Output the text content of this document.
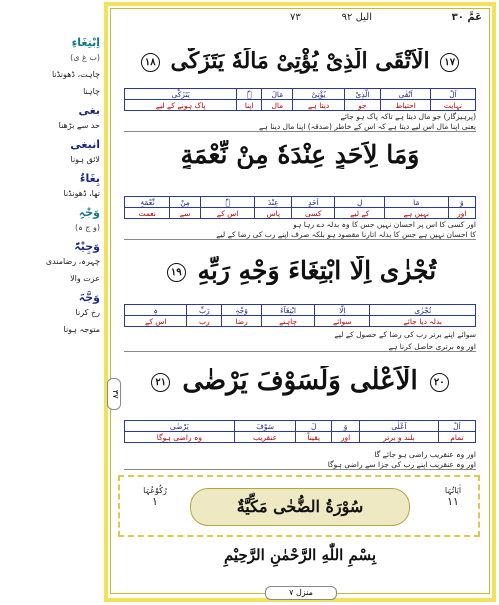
اِبْتِغَاءِ
(ب غ ی)
چاہت، ڈھونڈنا
چاہنا
بغی
حد سے بڑھنا
انبغی
لائق ہونا
بِغَاءٌ
تھا، ڈھونڈنا
وَجْہِ
(و ج ہ)
وَجِیْہٌ
چہرہ، رضامندی
عزت والا
وَجَّہَ
رخ کرنا
متوجہ ہونا
عَمَّ ٣٠
٧٣	الیل ٩٢
١٧ الْاَتْقَى الَّذِىْ يُؤْتِىْ مَالَهٗ يَتَزَكّٰى ١٨
اَلْ	اَتْقٰی	الَّذِیْ	یُؤْتِیْ	مَالَ	ہٗ	یَتَزَکّٰی
نہایت	احتیاط	جو	دیتا ہے	مال	اپنا	پاک ہونے کے لیے
(پرہیزگار) جو مال دیتا ہے تاکہ پاک ہو جائے
یعنی اپنا مال اس لیے دیتا ہے کہ اس کے خاطر (صدقہ) اپنا مال دینا ہے
وَمَا لِاَحَدٍ عِنْدَهٗ مِنْ نِّعْمَةٍ
وَ	مَا	لِ	اَحَدٍ	عِنْدَ	ہٗ	مِنْ	نِّعْمَۃٍ
اور	نہیں ہے	کے لیے	کسی	پاس	اس کے	سے	نعمت
اور کسی کا اس پر احسان نہیں جس کا وہ بدلہ دے رہا ہو
کا احسان نہیں ہے جس کا بدلہ اتارنا مقصود ہو بلکہ صرف اپنے رب کی رضا کے لیے
تُجْزٰى اِلَّا ابْتِغَاءَ وَجْهِ رَبِّهِ ١٩
تُجْزٰی	اِلَّا	ابْتِغَآءَ	وَجْہِ	رَبِّ	ہٖ
بدلہ دیا جائے	سوائے	چاہنے	رضا	رب	اس کے
سوائے اپنے برتر رب کی رضا کے حصول کے لیے
اور وہ برتری حاصل کرنا ہے
٣٧
٢٠ الْاَعْلٰى وَلَسَوْفَ يَرْضٰى ٢١
اَلْ	اَعْلٰی	وَ	لَ	سَوْفَ	یَرْضٰی
تمام	بلند و برتر	اور	یقیناً	عنقریب	وہ راضی ہوگا
اور وہ عنقریب راضی ہو جائے گا
اور وہ عنقریب اپنے رب کی جزا سے راضی ہوگا
اٰیَاتُہَا
١١
سُوْرَةُ الضُّحٰى مَكِّيَّةٌ
رُکُوْعُہَا
١
بِسْمِ اللّٰهِ الرَّحْمٰنِ الرَّحِيْمِ
منزل ٧
